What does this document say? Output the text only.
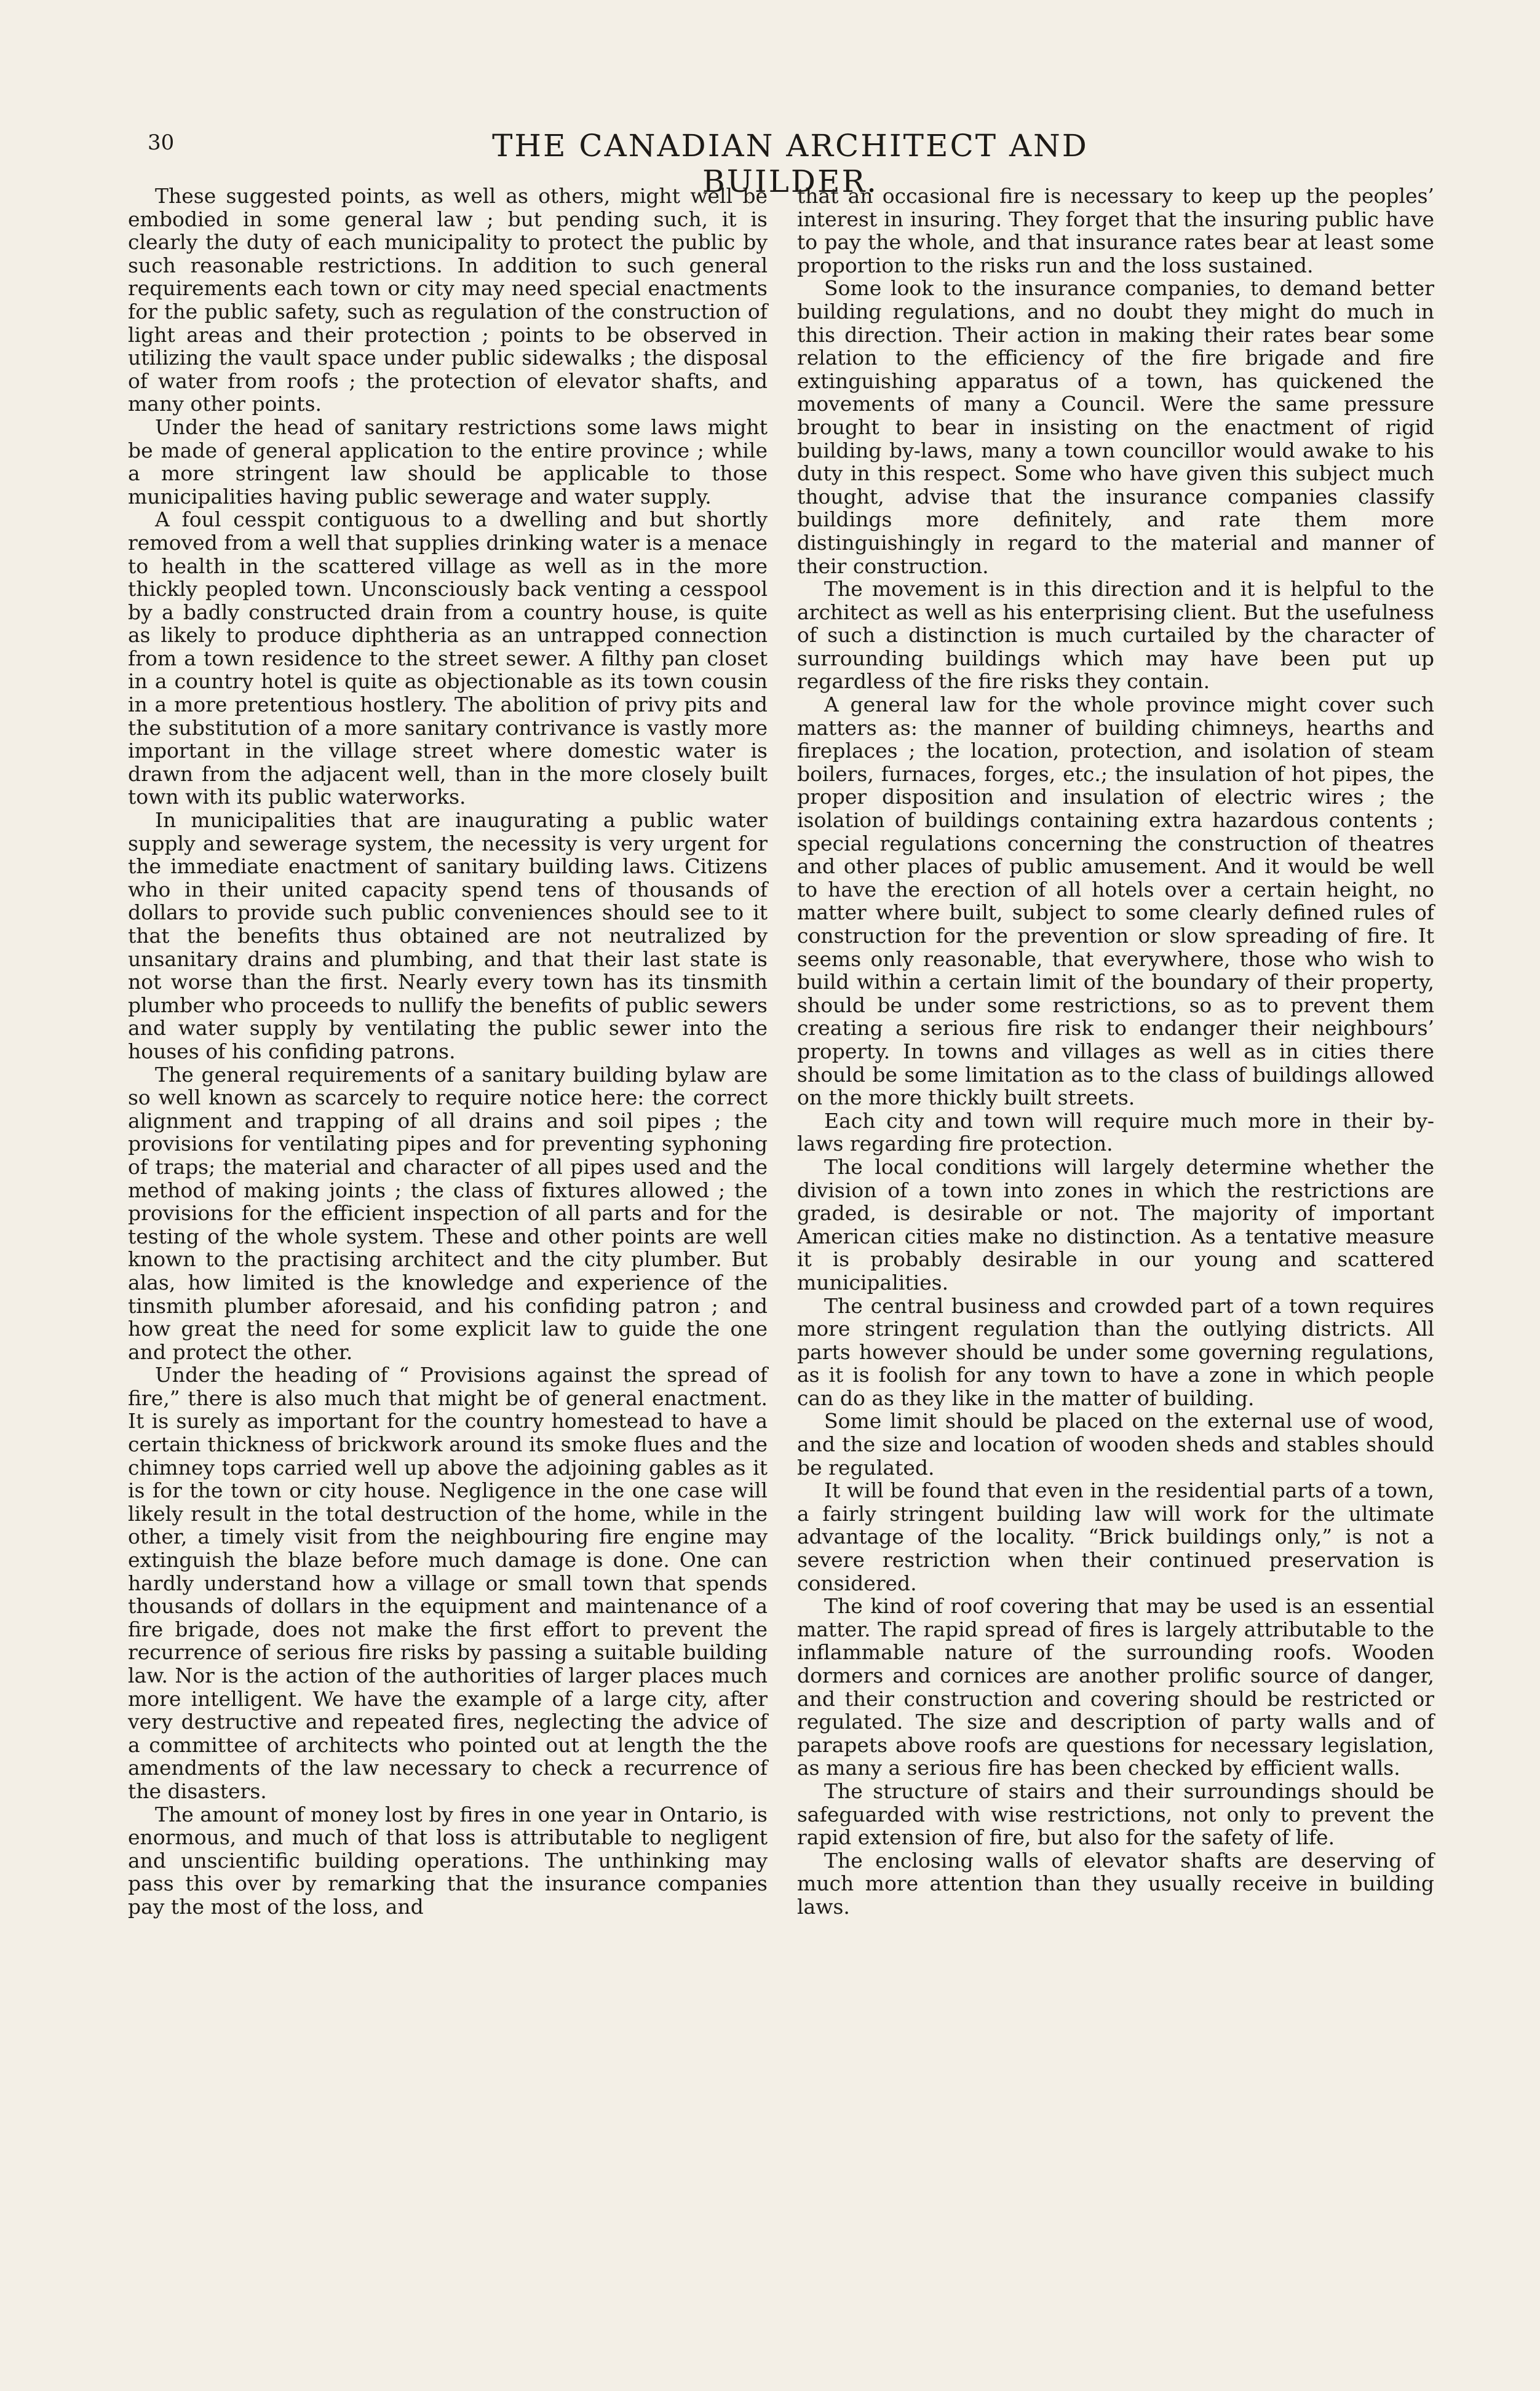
30	THE CANADIAN ARCHITECT AND BUILDER.

These suggested points, as well as others, might well be embodied in some general law ; but pending such, it is clearly the duty of each municipality to protect the public by such reasonable restrictions. In addition to such general requirements each town or city may need special enactments for the public safety, such as regulation of the construction of light areas and their protection ; points to be observed in utilizing the vault space under public sidewalks ; the disposal of water from roofs ; the protection of elevator shafts, and many other points.

Under the head of sanitary restrictions some laws might be made of general application to the entire province ; while a more stringent law should be applicable to those municipalities having public sewerage and water supply.

A foul cesspit contiguous to a dwelling and but shortly removed from a well that supplies drinking water is a menace to health in the scattered village as well as in the more thickly peopled town. Unconsciously back venting a cesspool by a badly constructed drain from a country house, is quite as likely to produce diphtheria as an untrapped connection from a town residence to the street sewer. A filthy pan closet in a country hotel is quite as objectionable as its town cousin in a more pretentious hostlery. The abolition of privy pits and the substitution of a more sanitary contrivance is vastly more important in the village street where domestic water is drawn from the adjacent well, than in the more closely built town with its public waterworks.

In municipalities that are inaugurating a public water supply and sewerage system, the necessity is very urgent for the immediate enactment of sanitary building laws. Citizens who in their united capacity spend tens of thousands of dollars to provide such public conveniences should see to it that the benefits thus obtained are not neutralized by unsanitary drains and plumbing, and that their last state is not worse than the first. Nearly every town has its tinsmith plumber who proceeds to nullify the benefits of public sewers and water supply by ventilating the public sewer into the houses of his confiding patrons.

The general requirements of a sanitary building bylaw are so well known as scarcely to require notice here: the correct alignment and trapping of all drains and soil pipes ; the provisions for ventilating pipes and for preventing syphoning of traps; the material and character of all pipes used and the method of making joints ; the class of fixtures allowed ; the provisions for the efficient inspection of all parts and for the testing of the whole system. These and other points are well known to the practising architect and the city plumber. But alas, how limited is the knowledge and experience of the tinsmith plumber aforesaid, and his confiding patron ; and how great the need for some explicit law to guide the one and protect the other.

Under the heading of “ Provisions against the spread of fire,” there is also much that might be of general enactment. It is surely as important for the country homestead to have a certain thickness of brickwork around its smoke flues and the chimney tops carried well up above the adjoining gables as it is for the town or city house. Negligence in the one case will likely result in the total destruction of the home, while in the other, a timely visit from the neighbouring fire engine may extinguish the blaze before much damage is done. One can hardly understand how a village or small town that spends thousands of dollars in the equipment and maintenance of a fire brigade, does not make the first effort to prevent the recurrence of serious fire risks by passing a suitable building law. Nor is the action of the authorities of larger places much more intelligent. We have the example of a large city, after very destructive and repeated fires, neglecting the advice of a committee of architects who pointed out at length the the amendments of the law necessary to check a recurrence of the disasters.

The amount of money lost by fires in one year in Ontario, is enormous, and much of that loss is attributable to negligent and unscientific building operations. The unthinking may pass this over by remarking that the insurance companies pay the most of the loss, and

that an occasional fire is necessary to keep up the peoples’ interest in insuring. They forget that the insuring public have to pay the whole, and that insurance rates bear at least some proportion to the risks run and the loss sustained.

Some look to the insurance companies, to demand better building regulations, and no doubt they might do much in this direction. Their action in making their rates bear some relation to the efficiency of the fire brigade and fire extinguishing apparatus of a town, has quickened the movements of many a Council. Were the same pressure brought to bear in insisting on the enactment of rigid building by-laws, many a town councillor would awake to his duty in this respect. Some who have given this subject much thought, advise that the insurance companies classify buildings more definitely, and rate them more distinguishingly in regard to the material and manner of their construction.

The movement is in this direction and it is helpful to the architect as well as his enterprising client. But the usefulness of such a distinction is much curtailed by the character of surrounding buildings which may have been put up regardless of the fire risks they contain.

A general law for the whole province might cover such matters as: the manner of building chimneys, hearths and fireplaces ; the location, protection, and isolation of steam boilers, furnaces, forges, etc.; the insulation of hot pipes, the proper disposition and insulation of electric wires ; the isolation of buildings containing extra hazardous contents ; special regulations concerning the construction of theatres and other places of public amusement. And it would be well to have the erection of all hotels over a certain height, no matter where built, subject to some clearly defined rules of construction for the prevention or slow spreading of fire. It seems only reasonable, that everywhere, those who wish to build within a certain limit of the boundary of their property, should be under some restrictions, so as to prevent them creating a serious fire risk to endanger their neighbours’ property. In towns and villages as well as in cities there should be some limitation as to the class of buildings allowed on the more thickly built streets.

Each city and town will require much more in their by-laws regarding fire protection.

The local conditions will largely determine whether the division of a town into zones in which the restrictions are graded, is desirable or not. The majority of important American cities make no distinction. As a tentative measure it is probably desirable in our young and scattered municipalities.

The central business and crowded part of a town requires more stringent regulation than the outlying districts. All parts however should be under some governing regulations, as it is foolish for any town to have a zone in which people can do as they like in the matter of building.

Some limit should be placed on the external use of wood, and the size and location of wooden sheds and stables should be regulated.

It will be found that even in the residential parts of a town, a fairly stringent building law will work for the ultimate advantage of the locality. “Brick buildings only,” is not a severe restriction when their continued preservation is considered.

The kind of roof covering that may be used is an essential matter. The rapid spread of fires is largely attributable to the inflammable nature of the surrounding roofs. Wooden dormers and cornices are another prolific source of danger, and their construction and covering should be restricted or regulated. The size and description of party walls and of parapets above roofs are questions for necessary legislation, as many a serious fire has been checked by efficient walls.

The structure of stairs and their surroundings should be safeguarded with wise restrictions, not only to prevent the rapid extension of fire, but also for the safety of life.

The enclosing walls of elevator shafts are deserving of much more attention than they usually receive in building laws.
